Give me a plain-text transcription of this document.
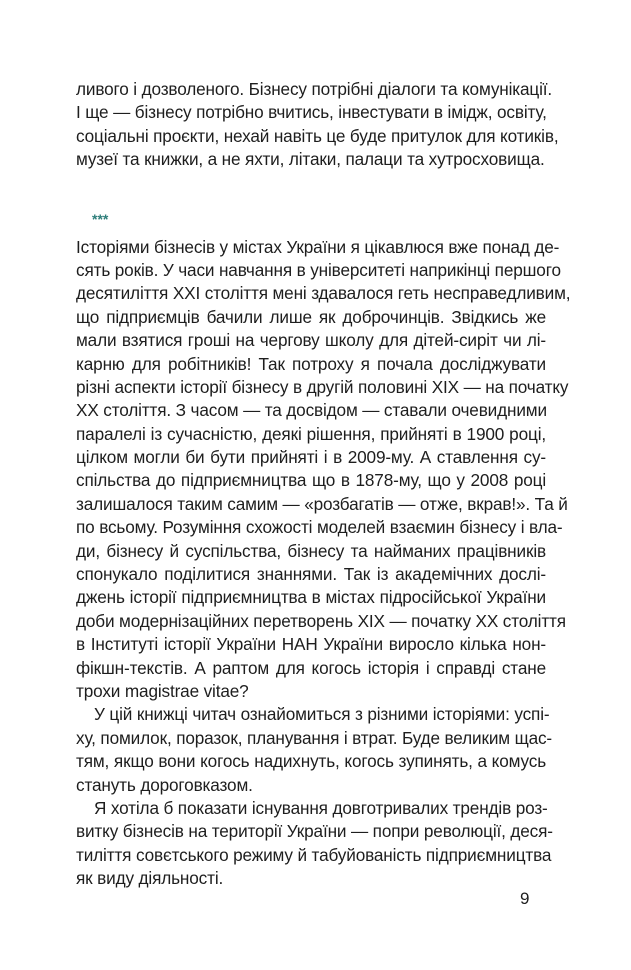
ливого і дозволеного. Бізнесу потрібні діалоги та комунікації.
І ще — бізнесу потрібно вчитись, інвестувати в імідж, освіту,
соціальні проєкти, нехай навіть це буде притулок для котиків,
музеї та книжки, а не яхти, літаки, палаци та хутросховища.
***
Історіями бізнесів у містах України я цікавлюся вже понад де-
сять років. У часи навчання в університеті наприкінці першого
десятиліття XXI століття мені здавалося геть несправедливим,
що підприємців бачили лише як доброчинців. Звідкись же
мали взятися гроші на чергову школу для дітей-сиріт чи лі-
карню для робітників! Так потроху я почала досліджувати
різні аспекти історії бізнесу в другій половині XIX — на початку
XX століття. З часом — та досвідом — ставали очевидними
паралелі із сучасністю, деякі рішення, прийняті в 1900 році,
цілком могли би бути прийняті і в 2009-му. А ставлення су-
спільства до підприємництва що в 1878-му, що у 2008 році
залишалося таким самим — «розбагатів — отже, вкрав!». Та й
по всьому. Розуміння схожості моделей взаємин бізнесу і вла-
ди, бізнесу й суспільства, бізнесу та найманих працівників
спонукало поділитися знаннями. Так із академічних дослі-
джень історії підприємництва в містах підросійської України
доби модернізаційних перетворень XIX — початку XX століття
в Інституті історії України НАН України виросло кілька нон-
фікшн-текстів. А раптом для когось історія і справді стане
трохи magistrae vitae?
У цій книжці читач ознайомиться з різними історіями: успі-
ху, помилок, поразок, планування і втрат. Буде великим щас-
тям, якщо вони когось надихнуть, когось зупинять, а комусь
стануть дороговказом.
Я хотіла б показати існування довготривалих трендів роз-
витку бізнесів на території України — попри революції, деся-
тиліття совєтського режиму й табуйованість підприємництва
як виду діяльності.
9
